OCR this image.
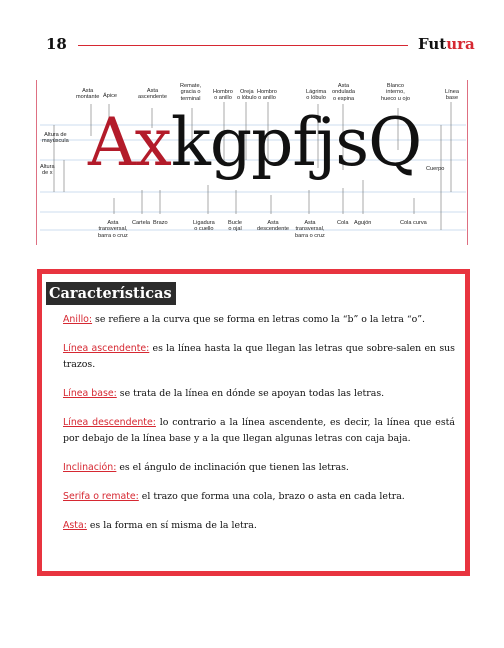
18	Futura
AxkgpfjsQ
Asta
montante Ápice
Asta
ascendente
Remate,
gracia o
terminal
Hombro
o anillo
Oreja
o lóbulo
Hombro
o anillo
Lágrima
o lóbulo
Asta
ondulada
o espina
Blanco
interno,
hueco u ojo
Línea
base
Altura de
mayúscula
Altura
de x
Cuerpo
Asta
transversal,
barra o cruz
Cartela Brazo	Ligadura
o cuello
Bucle
o ojal
Asta
descendente
Asta
transversal,
barra o cruz
Cola Agujón	Cola curva
Características

Anillo: se refiere a la curva que se forma en letras como la “b” o la letra “o”.

Línea ascendente: es la línea hasta la que llegan las letras que sobre-salen en sus trazos.

Línea base: se trata de la línea en dónde se apoyan todas las letras.

Línea descendente: lo contrario a la línea ascendente, es decir, la línea que está por debajo de la línea base y a la que llegan algunas letras con caja baja.

Inclinación: es el ángulo de inclinación que tienen las letras.

Serifa o remate: el trazo que forma una cola, brazo o asta en cada letra.

Asta: es la forma en sí misma de la letra.
